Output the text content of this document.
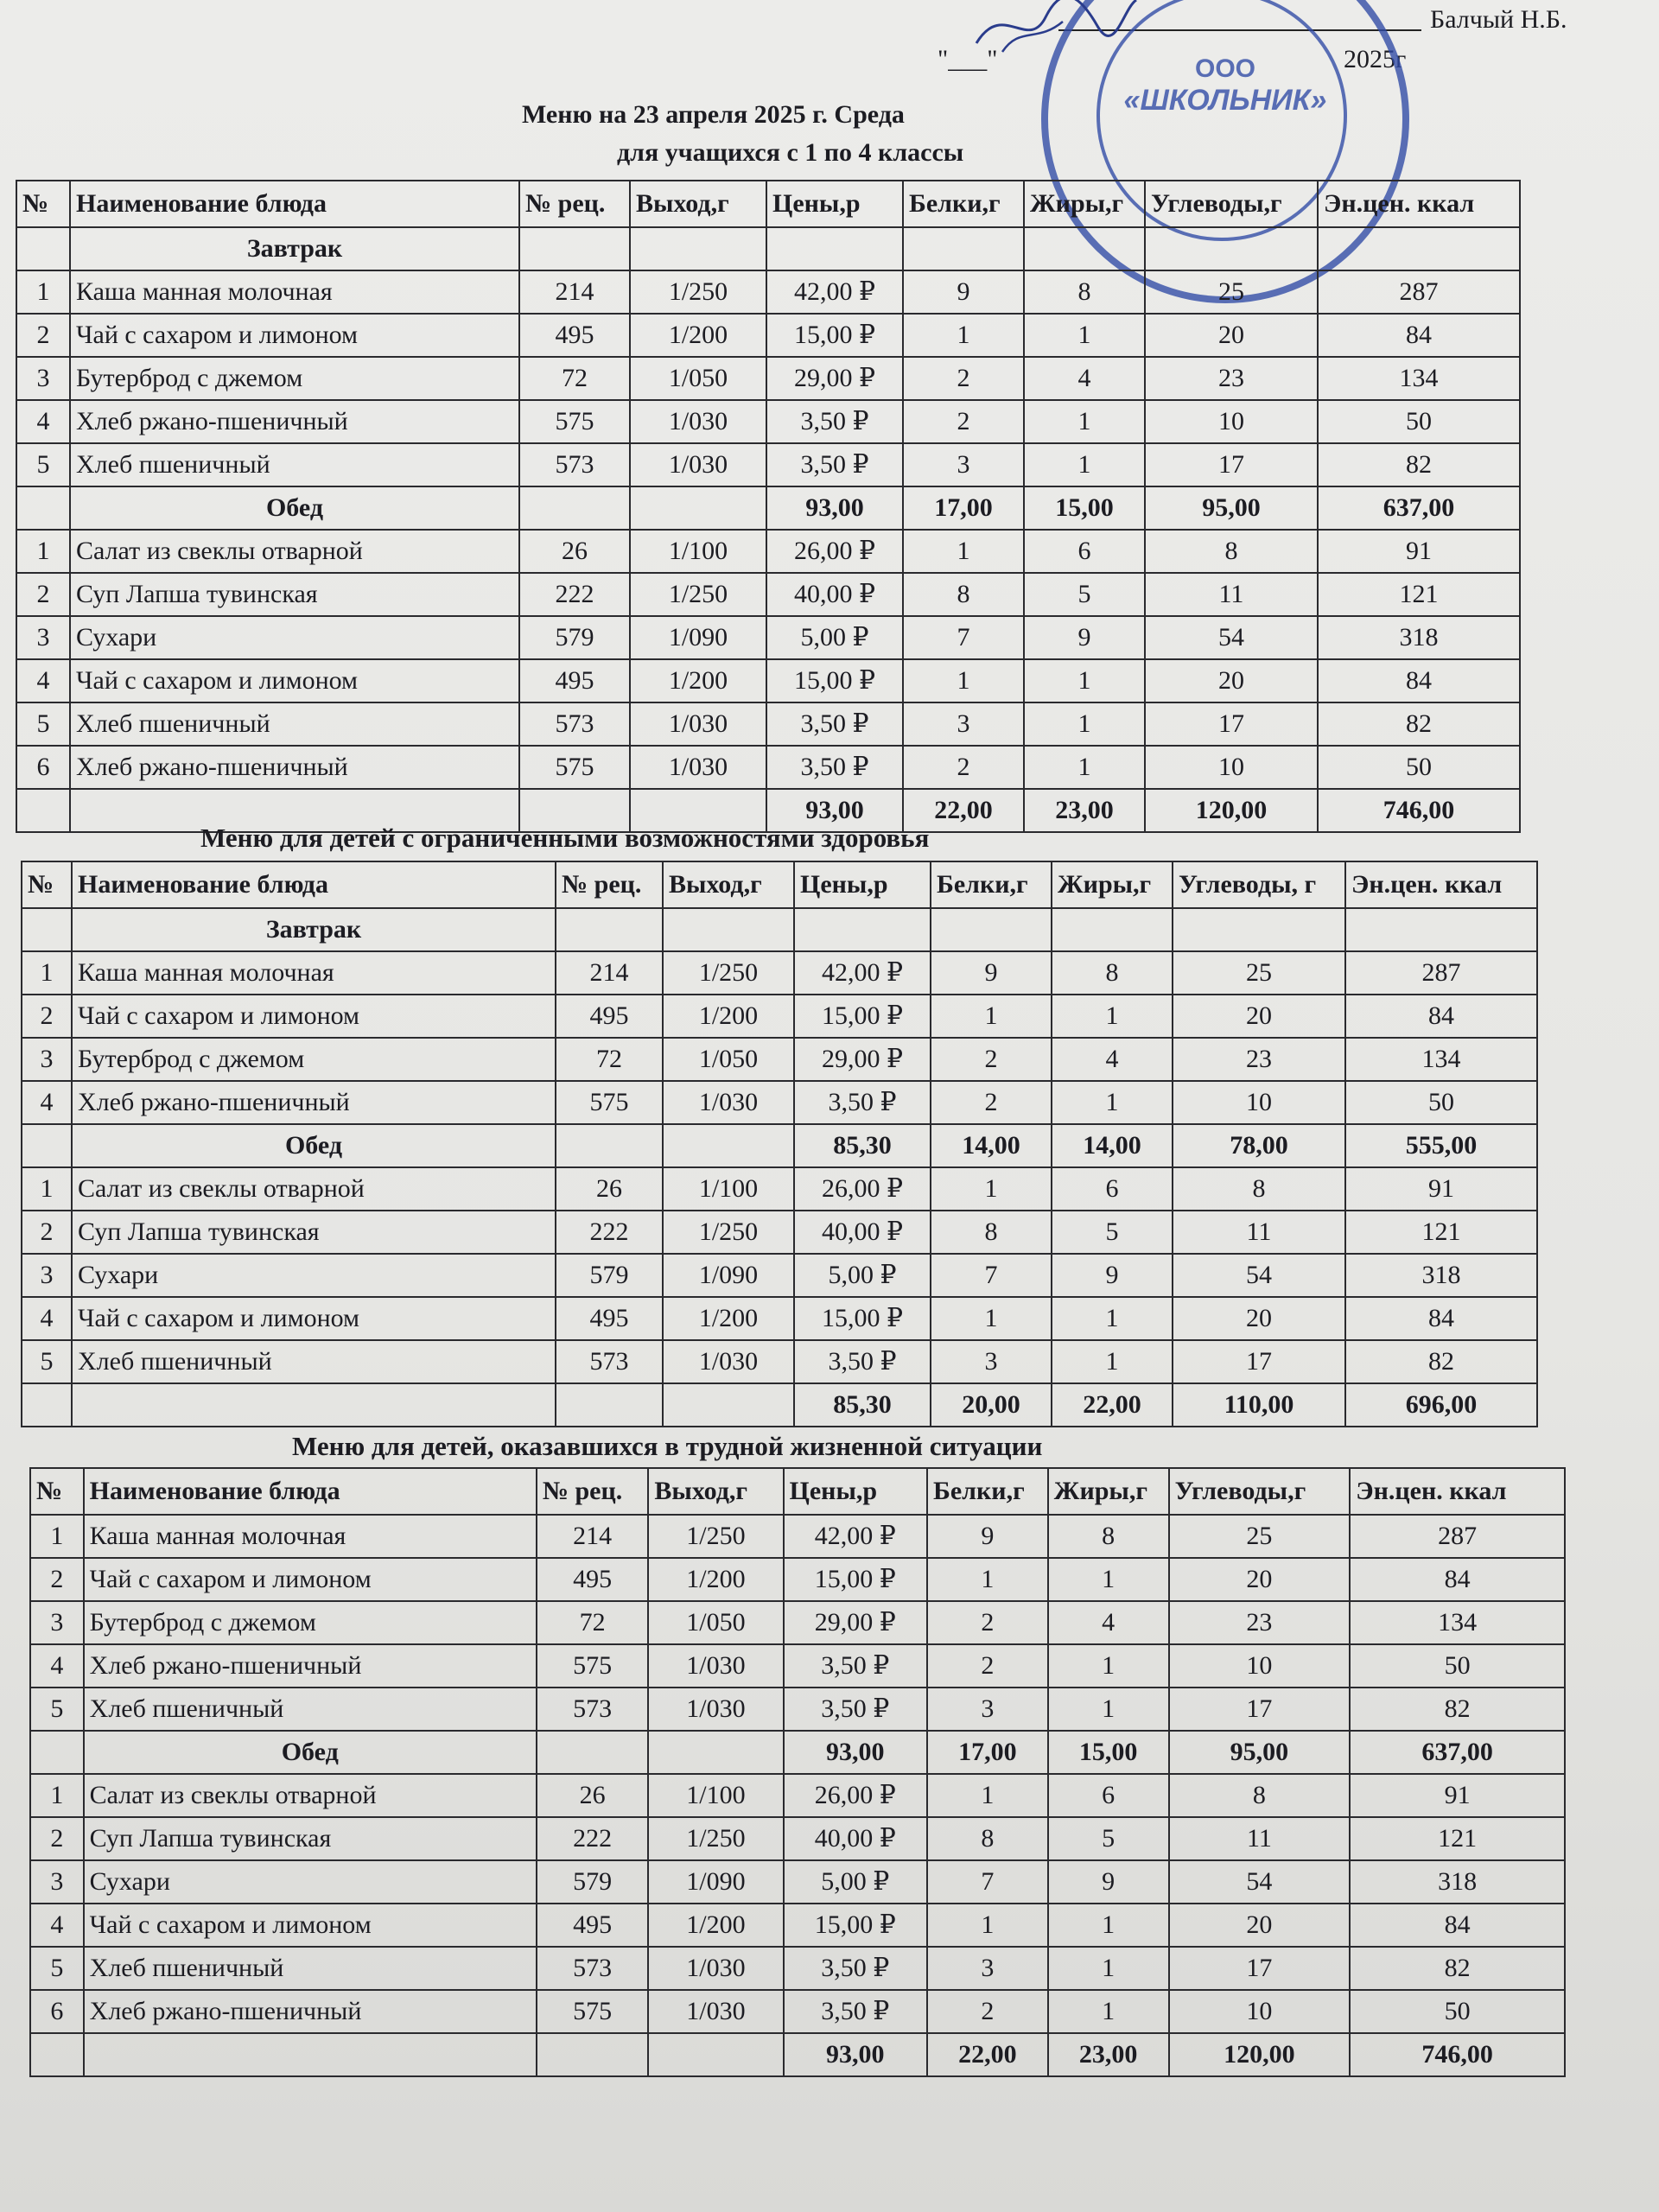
Балчый Н.Б.
"___"	2025г
ООО
«ШКОЛЬНИК»
Меню на 23 апреля 2025 г. Среда
для учащихся с 1 по 4 классы
№	Наименование блюда	№ рец.	Выход,г	Цены,р	Белки,г	Жиры,г	Углеводы,г	Эн.цен. ккал
	Завтрак							
1	Каша манная молочная	214	1/250	42,00 ₽	9	8	25	287
2	Чай с сахаром и лимоном	495	1/200	15,00 ₽	1	1	20	84
3	Бутерброд с джемом	72	1/050	29,00 ₽	2	4	23	134
4	Хлеб ржано-пшеничный	575	1/030	3,50 ₽	2	1	10	50
5	Хлеб пшеничный	573	1/030	3,50 ₽	3	1	17	82
	Обед			93,00	17,00	15,00	95,00	637,00
1	Салат из свеклы отварной	26	1/100	26,00 ₽	1	6	8	91
2	Суп Лапша тувинская	222	1/250	40,00 ₽	8	5	11	121
3	Сухари	579	1/090	5,00 ₽	7	9	54	318
4	Чай с сахаром и лимоном	495	1/200	15,00 ₽	1	1	20	84
5	Хлеб пшеничный	573	1/030	3,50 ₽	3	1	17	82
6	Хлеб ржано-пшеничный	575	1/030	3,50 ₽	2	1	10	50
				93,00	22,00	23,00	120,00	746,00
Меню для детей с ограниченными возможностями здоровья
№	Наименование блюда	№ рец.	Выход,г	Цены,р	Белки,г	Жиры,г	Углеводы, г	Эн.цен. ккал
	Завтрак							
1	Каша манная молочная	214	1/250	42,00 ₽	9	8	25	287
2	Чай с сахаром и лимоном	495	1/200	15,00 ₽	1	1	20	84
3	Бутерброд с джемом	72	1/050	29,00 ₽	2	4	23	134
4	Хлеб ржано-пшеничный	575	1/030	3,50 ₽	2	1	10	50
	Обед			85,30	14,00	14,00	78,00	555,00
1	Салат из свеклы отварной	26	1/100	26,00 ₽	1	6	8	91
2	Суп Лапша тувинская	222	1/250	40,00 ₽	8	5	11	121
3	Сухари	579	1/090	5,00 ₽	7	9	54	318
4	Чай с сахаром и лимоном	495	1/200	15,00 ₽	1	1	20	84
5	Хлеб пшеничный	573	1/030	3,50 ₽	3	1	17	82
				85,30	20,00	22,00	110,00	696,00
Меню для детей, оказавшихся в трудной жизненной ситуации
№	Наименование блюда	№ рец.	Выход,г	Цены,р	Белки,г	Жиры,г	Углеводы,г	Эн.цен. ккал
1	Каша манная молочная	214	1/250	42,00 ₽	9	8	25	287
2	Чай с сахаром и лимоном	495	1/200	15,00 ₽	1	1	20	84
3	Бутерброд с джемом	72	1/050	29,00 ₽	2	4	23	134
4	Хлеб ржано-пшеничный	575	1/030	3,50 ₽	2	1	10	50
5	Хлеб пшеничный	573	1/030	3,50 ₽	3	1	17	82
	Обед			93,00	17,00	15,00	95,00	637,00
1	Салат из свеклы отварной	26	1/100	26,00 ₽	1	6	8	91
2	Суп Лапша тувинская	222	1/250	40,00 ₽	8	5	11	121
3	Сухари	579	1/090	5,00 ₽	7	9	54	318
4	Чай с сахаром и лимоном	495	1/200	15,00 ₽	1	1	20	84
5	Хлеб пшеничный	573	1/030	3,50 ₽	3	1	17	82
6	Хлеб ржано-пшеничный	575	1/030	3,50 ₽	2	1	10	50
				93,00	22,00	23,00	120,00	746,00
